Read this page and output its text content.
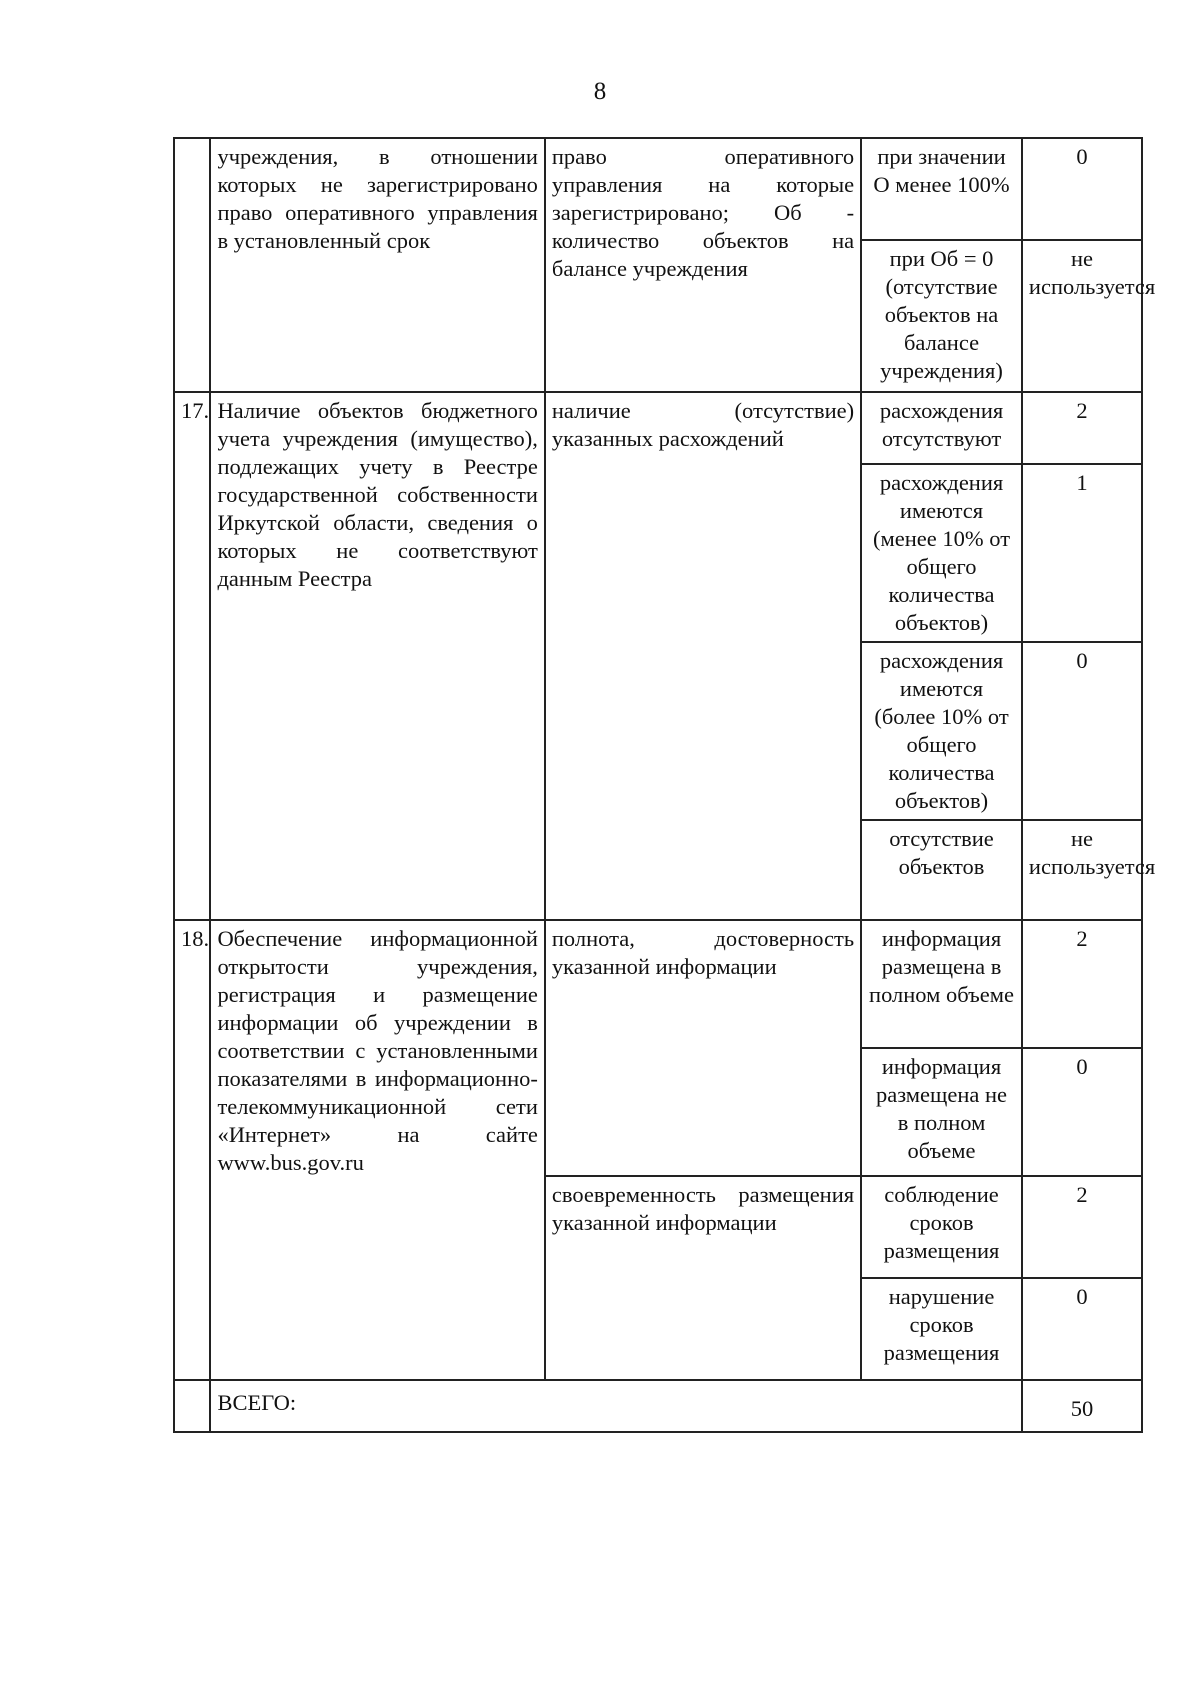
8
	учреждения, в отношении которых не зарегистрировано право оперативного управления в установленный срок	право оперативного управления на которые зарегистрировано; Об - количество объектов на балансе учреждения	при значении О менее 100%	0
			при Об = 0 (отсутствие объектов на балансе учреждения)	не используется
17.	Наличие объектов бюджетного учета учреждения (имущество), подлежащих учету в Реестре государственной собственности Иркутской области, сведения о которых не соответствуют данным Реестра	наличие (отсутствие) указанных расхождений	расхождения отсутствуют	2
			расхождения имеются (менее 10% от общего количества объектов)	1
			расхождения имеются (более 10% от общего количества объектов)	0
			отсутствие объектов	не используется
18.	Обеспечение информационной открытости учреждения, регистрация и размещение информации об учреждении в соответствии с установленными показателями в информационно-телекоммуникационной сети «Интернет» на сайте www.bus.gov.ru	полнота, достоверность указанной информации	информация размещена в полном объеме	2
			информация размещена не в полном объеме	0
		своевременность размещения указанной информации	соблюдение сроков размещения	2
			нарушение сроков размещения	0
	ВСЕГО:			50
